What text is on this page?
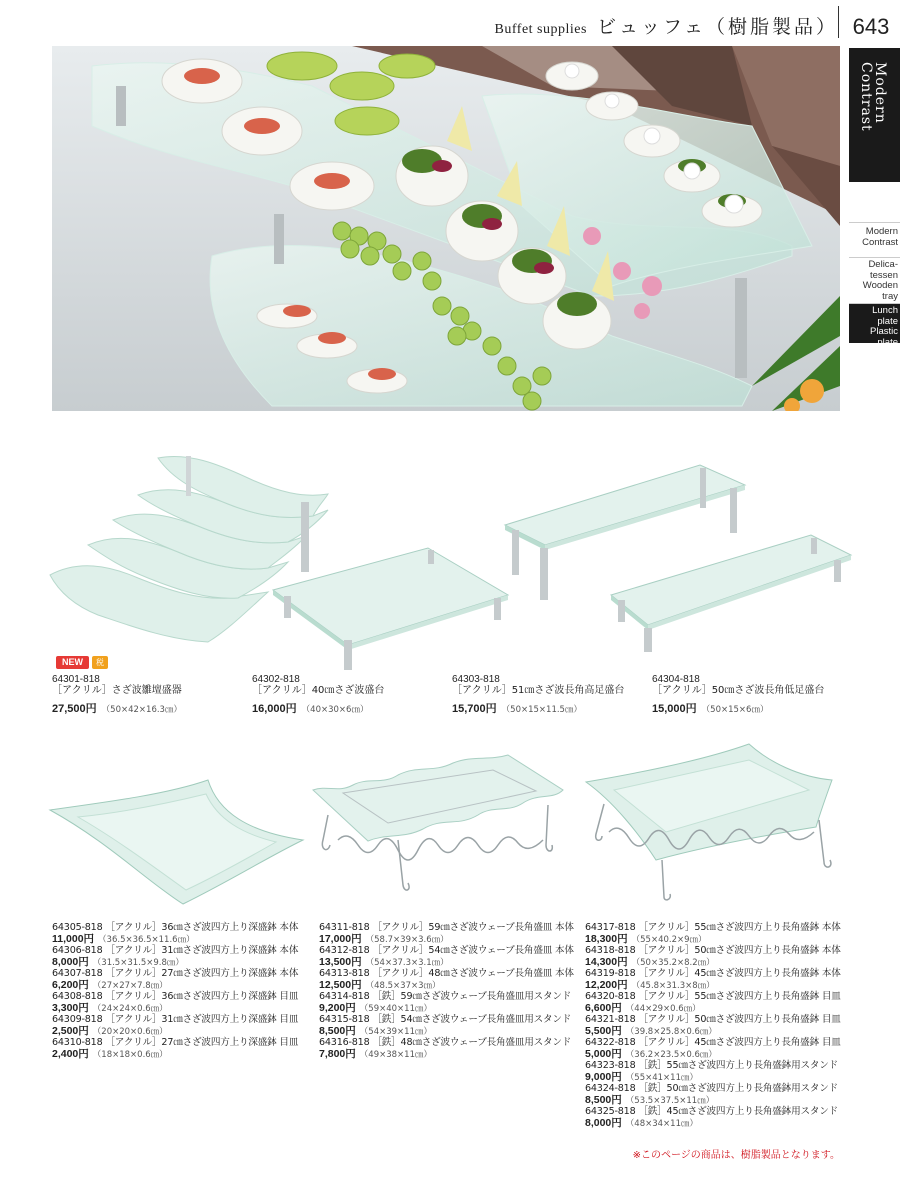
Buffet supplies ビュッフェ（樹脂製品） 643
Modern Contrast
Modern Contrast
Delica-tessen Wooden tray
Lunch plate Plastic plate
NEW	税
64301-818
［アクリル］さざ波雛壇盛器
27,500円 （50×42×16.3㎝）
64302-818
［アクリル］40㎝さざ波盛台
16,000円 （40×30×6㎝）
64303-818
［アクリル］51㎝さざ波長角高足盛台
15,700円 （50×15×11.5㎝）
64304-818
［アクリル］50㎝さざ波長角低足盛台
15,000円 （50×15×6㎝）
64305-818 ［アクリル］36㎝さざ波四方上り深盛鉢 本体
11,000円 （36.5×36.5×11.6㎝）
64306-818 ［アクリル］31㎝さざ波四方上り深盛鉢 本体
8,000円 （31.5×31.5×9.8㎝）
64307-818 ［アクリル］27㎝さざ波四方上り深盛鉢 本体
6,200円 （27×27×7.8㎝）
64308-818 ［アクリル］36㎝さざ波四方上り深盛鉢 目皿
3,300円 （24×24×0.6㎝）
64309-818 ［アクリル］31㎝さざ波四方上り深盛鉢 目皿
2,500円 （20×20×0.6㎝）
64310-818 ［アクリル］27㎝さざ波四方上り深盛鉢 目皿
2,400円 （18×18×0.6㎝）
64311-818 ［アクリル］59㎝さざ波ウェーブ長角盛皿 本体
17,000円 （58.7×39×3.6㎝）
64312-818 ［アクリル］54㎝さざ波ウェーブ長角盛皿 本体
13,500円 （54×37.3×3.1㎝）
64313-818 ［アクリル］48㎝さざ波ウェーブ長角盛皿 本体
12,500円 （48.5×37×3㎝）
64314-818 ［鉄］59㎝さざ波ウェーブ長角盛皿用スタンド
9,200円 （59×40×11㎝）
64315-818 ［鉄］54㎝さざ波ウェーブ長角盛皿用スタンド
8,500円 （54×39×11㎝）
64316-818 ［鉄］48㎝さざ波ウェーブ長角盛皿用スタンド
7,800円 （49×38×11㎝）
64317-818 ［アクリル］55㎝さざ波四方上り長角盛鉢 本体
18,300円 （55×40.2×9㎝）
64318-818 ［アクリル］50㎝さざ波四方上り長角盛鉢 本体
14,300円 （50×35.2×8.2㎝）
64319-818 ［アクリル］45㎝さざ波四方上り長角盛鉢 本体
12,200円 （45.8×31.3×8㎝）
64320-818 ［アクリル］55㎝さざ波四方上り長角盛鉢 目皿
6,600円 （44×29×0.6㎝）
64321-818 ［アクリル］50㎝さざ波四方上り長角盛鉢 目皿
5,500円 （39.8×25.8×0.6㎝）
64322-818 ［アクリル］45㎝さざ波四方上り長角盛鉢 目皿
5,000円 （36.2×23.5×0.6㎝）
64323-818 ［鉄］55㎝さざ波四方上り長角盛鉢用スタンド
9,000円 （55×41×11㎝）
64324-818 ［鉄］50㎝さざ波四方上り長角盛鉢用スタンド
8,500円 （53.5×37.5×11㎝）
64325-818 ［鉄］45㎝さざ波四方上り長角盛鉢用スタンド
8,000円 （48×34×11㎝）
※このページの商品は、樹脂製品となります。
